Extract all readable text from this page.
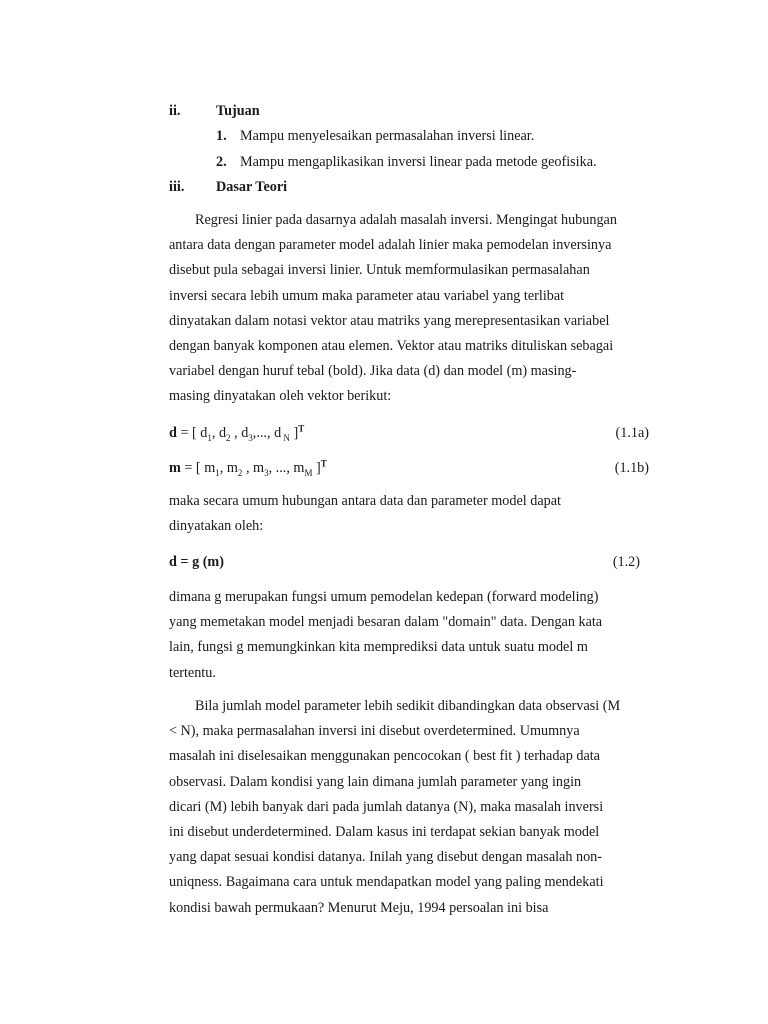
ii.	Tujuan
1. Mampu menyelesaikan permasalahan inversi linear.
2. Mampu mengaplikasikan inversi linear pada metode geofisika.
iii. Dasar Teori
Regresi linier pada dasarnya adalah masalah inversi. Mengingat hubungan
antara data dengan parameter model adalah linier maka pemodelan inversinya
disebut pula sebagai inversi linier. Untuk memformulasikan permasalahan
inversi secara lebih umum maka parameter atau variabel yang terlibat
dinyatakan dalam notasi vektor atau matriks yang merepresentasikan variabel
dengan banyak komponen atau elemen. Vektor atau matriks dituliskan sebagai
variabel dengan huruf tebal (bold). Jika data (d) dan model (m) masing-
masing dinyatakan oleh vektor berikut:
d = [ $d_1$, $d_2$ , $d_3$,..., d $_N$ ]$^T$	(1.1a)
m = [ $m_1$, $m_2$ , $m_3$, ..., $m_M$ ]$^T$	(1.1b)
maka secara umum hubungan antara data dan parameter model dapat
dinyatakan oleh:
d = g (m)	(1.2)
dimana g merupakan fungsi umum pemodelan kedepan (forward modeling)
yang memetakan model menjadi besaran dalam "domain" data. Dengan kata
lain, fungsi g memungkinkan kita memprediksi data untuk suatu model m
tertentu.
Bila jumlah model parameter lebih sedikit dibandingkan data observasi (M
< N), maka permasalahan inversi ini disebut overdetermined. Umumnya
masalah ini diselesaikan menggunakan pencocokan ( best fit ) terhadap data
observasi. Dalam kondisi yang lain dimana jumlah parameter yang ingin
dicari (M) lebih banyak dari pada jumlah datanya (N), maka masalah inversi
ini disebut underdetermined. Dalam kasus ini terdapat sekian banyak model
yang dapat sesuai kondisi datanya. Inilah yang disebut dengan masalah non-
uniqness. Bagaimana cara untuk mendapatkan model yang paling mendekati
kondisi bawah permukaan? Menurut Meju, 1994 persoalan ini bisa
